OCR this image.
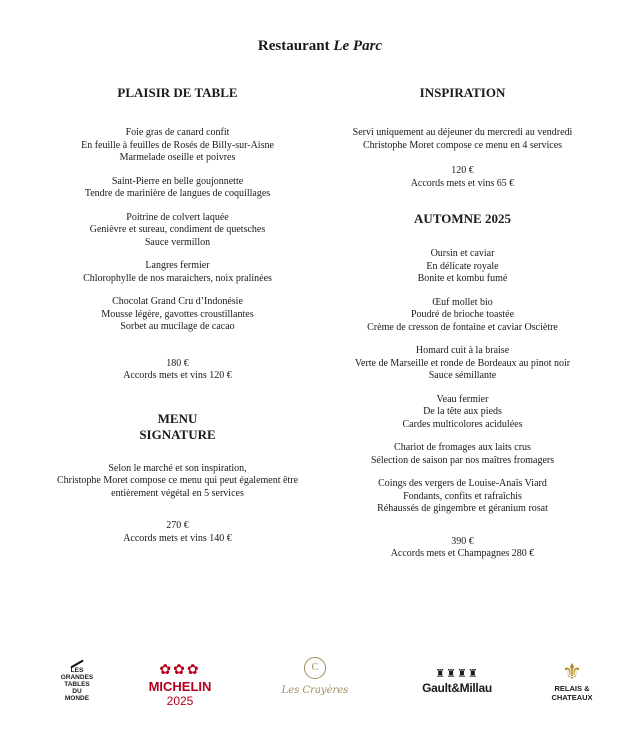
Restaurant Le Parc
PLAISIR DE TABLE
Foie gras de canard confit
En feuille à feuilles de Rosés de Billy-sur-Aisne
Marmelade oseille et poivres
Saint-Pierre en belle goujonnette
Tendre de marinière de langues de coquillages
Poitrine de colvert laquée
Genièvre et sureau, condiment de quetsches
Sauce vermillon
Langres fermier
Chlorophylle de nos maraichers, noix pralinées
Chocolat Grand Cru d’Indonésie
Mousse légère, gavottes croustillantes
Sorbet au mucilage de cacao
180 €
Accords mets et vins 120 €
MENU
SIGNATURE
Selon le marché et son inspiration,
Christophe Moret compose ce menu qui peut également être
entièrement végétal en 5 services
270 €
Accords mets et vins 140 €
INSPIRATION
Servi uniquement au déjeuner du mercredi au vendredi
Christophe Moret compose ce menu en 4 services
120 €
Accords mets et vins 65 €
AUTOMNE 2025
Oursin et caviar
En délicate royale
Bonite et kombu fumé
Œuf mollet bio
Poudré de brioche toastée
Crème de cresson de fontaine et caviar Osciètre
Homard cuit à la braise
Verte de Marseille et ronde de Bordeaux au pinot noir
Sauce sémillante
Veau fermier
De la tête aux pieds
Cardes multicolores acidulées
Chariot de fromages aux laits crus
Sélection de saison par nos maîtres fromagers
Coings des vergers de Louise-Anaïs Viard
Fondants, confits et rafraîchis
Réhaussés de gingembre et géranium rosat
390 €
Accords mets et Champagnes 280 €
LES
GRANDES
TABLES
DU
MONDE
✿✿✿
MICHELIN
2025
C
Les Crayères
♜♜♜♜
Gault&Millau
⚜
RELAIS &
CHATEAUX
